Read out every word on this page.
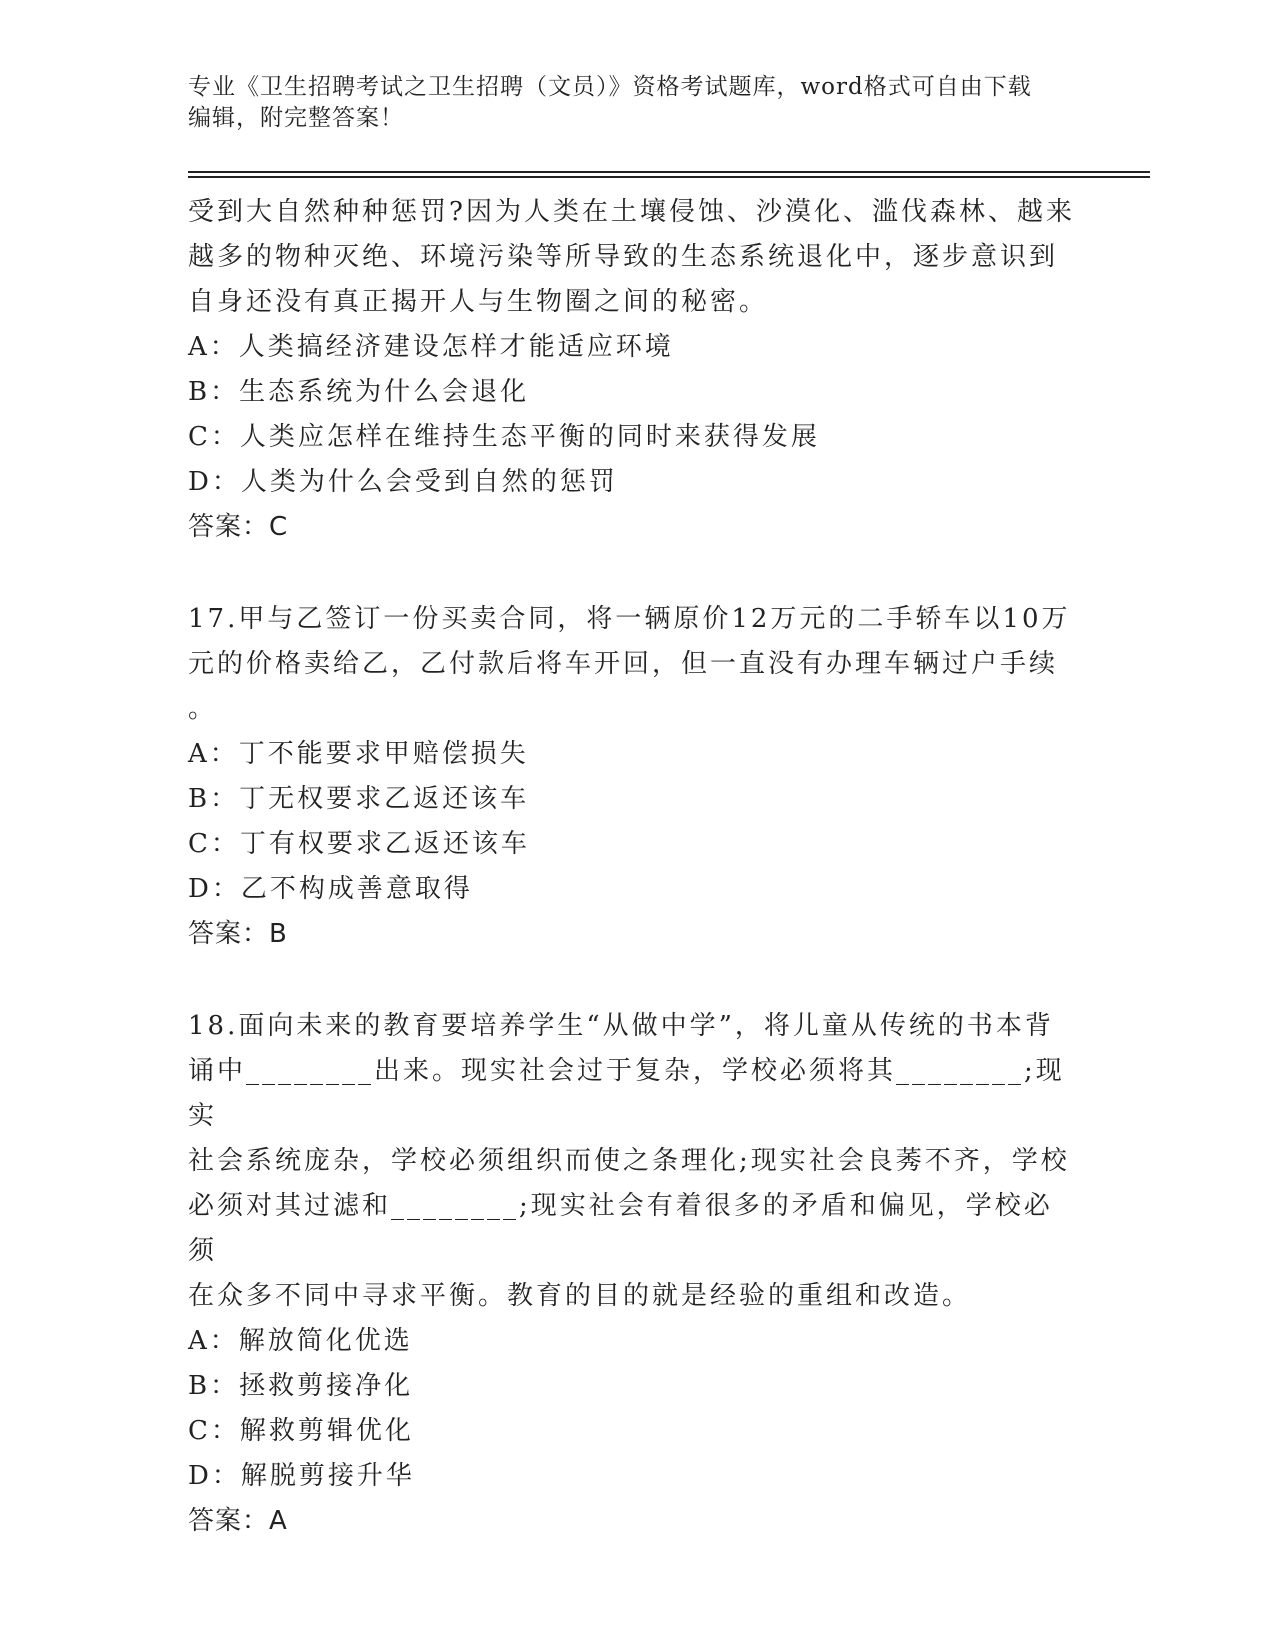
专业《卫生招聘考试之卫生招聘（文员）》资格考试题库，word格式可自由下载
编辑，附完整答案！

受到大自然种种惩罚?因为人类在土壤侵蚀、沙漠化、滥伐森林、越来

越多的物种灭绝、环境污染等所导致的生态系统退化中，逐步意识到

自身还没有真正揭开人与生物圈之间的秘密。

A：人类搞经济建设怎样才能适应环境

B：生态系统为什么会退化

C：人类应怎样在维持生态平衡的同时来获得发展

D：人类为什么会受到自然的惩罚

答案：C

17.甲与乙签订一份买卖合同，将一辆原价12万元的二手轿车以10万

元的价格卖给乙，乙付款后将车开回，但一直没有办理车辆过户手续

。

A：丁不能要求甲赔偿损失

B：丁无权要求乙返还该车

C：丁有权要求乙返还该车

D：乙不构成善意取得

答案：B

18.面向未来的教育要培养学生“从做中学”，将儿童从传统的书本背

诵中________出来。现实社会过于复杂，学校必须将其________;现实

社会系统庞杂，学校必须组织而使之条理化;现实社会良莠不齐，学校

必须对其过滤和________;现实社会有着很多的矛盾和偏见，学校必须

在众多不同中寻求平衡。教育的目的就是经验的重组和改造。

A：解放简化优选

B：拯救剪接净化

C：解救剪辑优化

D：解脱剪接升华

答案：A
